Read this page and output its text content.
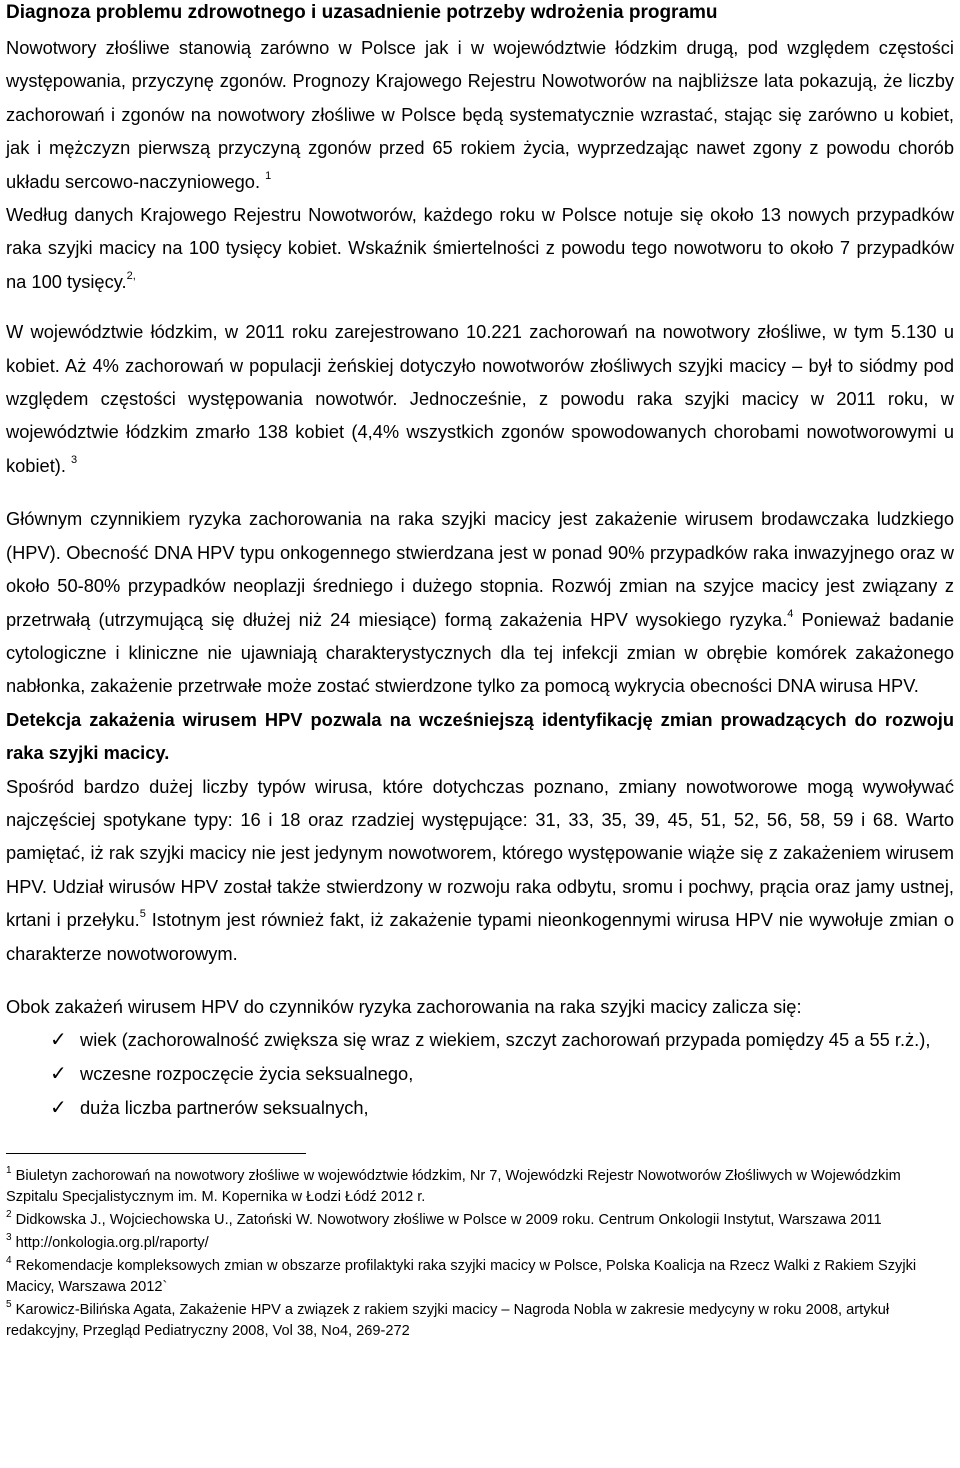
Diagnoza problemu zdrowotnego i uzasadnienie potrzeby wdrożenia programu

Nowotwory złośliwe stanowią zarówno w Polsce jak i w województwie łódzkim drugą, pod względem częstości występowania, przyczynę zgonów. Prognozy Krajowego Rejestru Nowotworów na najbliższe lata pokazują, że liczby zachorowań i zgonów na nowotwory złośliwe w Polsce będą systematycznie wzrastać, stając się zarówno u kobiet, jak i mężczyzn pierwszą przyczyną zgonów przed 65 rokiem życia, wyprzedzając nawet zgony z powodu chorób układu sercowo-naczyniowego. $^1$

Według danych Krajowego Rejestru Nowotworów, każdego roku w Polsce notuje się około 13 nowych przypadków raka szyjki macicy na 100 tysięcy kobiet. Wskaźnik śmiertelności z powodu tego nowotworu to około 7 przypadków na 100 tysięcy.$^{2,}$

W województwie łódzkim, w 2011 roku zarejestrowano 10.221 zachorowań na nowotwory złośliwe, w tym 5.130 u kobiet. Aż 4% zachorowań w populacji żeńskiej dotyczyło nowotworów złośliwych szyjki macicy – był to siódmy pod względem częstości występowania nowotwór. Jednocześnie, z powodu raka szyjki macicy w 2011 roku, w województwie łódzkim zmarło 138 kobiet (4,4% wszystkich zgonów spowodowanych chorobami nowotworowymi u kobiet). $^3$

Głównym czynnikiem ryzyka zachorowania na raka szyjki macicy jest zakażenie wirusem brodawczaka ludzkiego (HPV). Obecność DNA HPV typu onkogennego stwierdzana jest w ponad 90% przypadków raka inwazyjnego oraz w około 50-80% przypadków neoplazji średniego i dużego stopnia. Rozwój zmian na szyjce macicy jest związany z przetrwałą (utrzymującą się dłużej niż 24 miesiące) formą zakażenia HPV wysokiego ryzyka.$^4$ Ponieważ badanie cytologiczne i kliniczne nie ujawniają charakterystycznych dla tej infekcji zmian w obrębie komórek zakażonego nabłonka, zakażenie przetrwałe może zostać stwierdzone tylko za pomocą wykrycia obecności DNA wirusa HPV.

Detekcja zakażenia wirusem HPV pozwala na wcześniejszą identyfikację zmian prowadzących do rozwoju raka szyjki macicy.

Spośród bardzo dużej liczby typów wirusa, które dotychczas poznano, zmiany nowotworowe mogą wywoływać najczęściej spotykane typy: 16 i 18 oraz rzadziej występujące: 31, 33, 35, 39, 45, 51, 52, 56, 58, 59 i 68. Warto pamiętać, iż rak szyjki macicy nie jest jedynym nowotworem, którego występowanie wiąże się z zakażeniem wirusem HPV. Udział wirusów HPV został także stwierdzony w rozwoju raka odbytu, sromu i pochwy, prącia oraz jamy ustnej, krtani i przełyku.$^5$ Istotnym jest również fakt, iż zakażenie typami nieonkogennymi wirusa HPV nie wywołuje zmian o charakterze nowotworowym.

Obok zakażeń wirusem HPV do czynników ryzyka zachorowania na raka szyjki macicy zalicza się:

✓ wiek (zachorowalność zwiększa się wraz z wiekiem, szczyt zachorowań przypada pomiędzy 45 a 55 r.ż.),
✓ wczesne rozpoczęcie życia seksualnego,
✓ duża liczba partnerów seksualnych,

$^1$ Biuletyn zachorowań na nowotwory złośliwe w województwie łódzkim, Nr 7, Wojewódzki Rejestr Nowotworów Złośliwych w Wojewódzkim Szpitalu Specjalistycznym im. M. Kopernika w Łodzi Łódź 2012 r.

$^2$ Didkowska J., Wojciechowska U., Zatoński W. Nowotwory złośliwe w Polsce w 2009 roku. Centrum Onkologii Instytut, Warszawa 2011

$^3$ http://onkologia.org.pl/raporty/

$^4$ Rekomendacje kompleksowych zmian w obszarze profilaktyki raka szyjki macicy w Polsce, Polska Koalicja na Rzecz Walki z Rakiem Szyjki Macicy, Warszawa 2012`

$^5$ Karowicz-Bilińska Agata, Zakażenie HPV a związek z rakiem szyjki macicy – Nagroda Nobla w zakresie medycyny w roku 2008, artykuł redakcyjny, Przegląd Pediatryczny 2008, Vol 38, No4, 269-272
